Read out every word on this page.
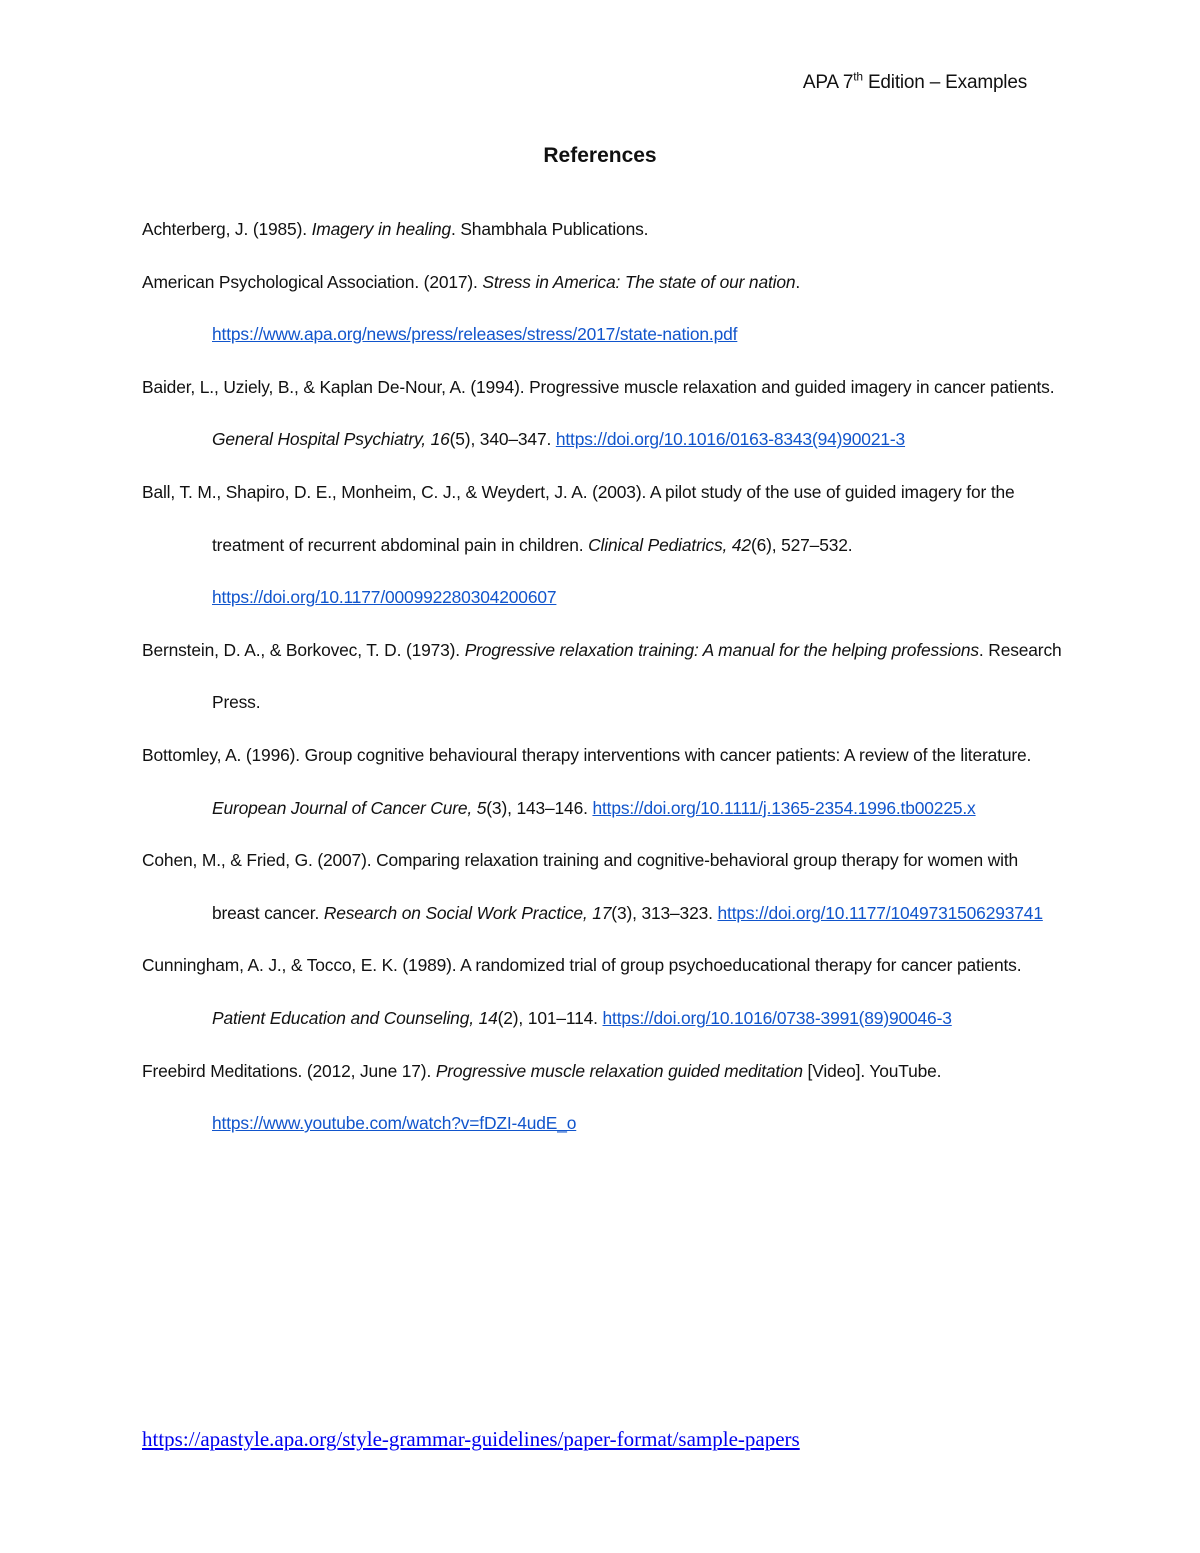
APA 7th Edition – Examples
References
Achterberg, J. (1985). Imagery in healing. Shambhala Publications.
American Psychological Association. (2017). Stress in America: The state of our nation. https://www.apa.org/news/press/releases/stress/2017/state-nation.pdf
Baider, L., Uziely, B., & Kaplan De-Nour, A. (1994). Progressive muscle relaxation and guided imagery in cancer patients. General Hospital Psychiatry, 16(5), 340–347. https://doi.org/10.1016/0163-8343(94)90021-3
Ball, T. M., Shapiro, D. E., Monheim, C. J., & Weydert, J. A. (2003). A pilot study of the use of guided imagery for the treatment of recurrent abdominal pain in children. Clinical Pediatrics, 42(6), 527–532. https://doi.org/10.1177/000992280304200607
Bernstein, D. A., & Borkovec, T. D. (1973). Progressive relaxation training: A manual for the helping professions. Research Press.
Bottomley, A. (1996). Group cognitive behavioural therapy interventions with cancer patients: A review of the literature. European Journal of Cancer Cure, 5(3), 143–146. https://doi.org/10.1111/j.1365-2354.1996.tb00225.x
Cohen, M., & Fried, G. (2007). Comparing relaxation training and cognitive-behavioral group therapy for women with breast cancer. Research on Social Work Practice, 17(3), 313–323. https://doi.org/10.1177/1049731506293741
Cunningham, A. J., & Tocco, E. K. (1989). A randomized trial of group psychoeducational therapy for cancer patients. Patient Education and Counseling, 14(2), 101–114. https://doi.org/10.1016/0738-3991(89)90046-3
Freebird Meditations. (2012, June 17). Progressive muscle relaxation guided meditation [Video]. YouTube. https://www.youtube.com/watch?v=fDZI-4udE_o
https://apastyle.apa.org/style-grammar-guidelines/paper-format/sample-papers
